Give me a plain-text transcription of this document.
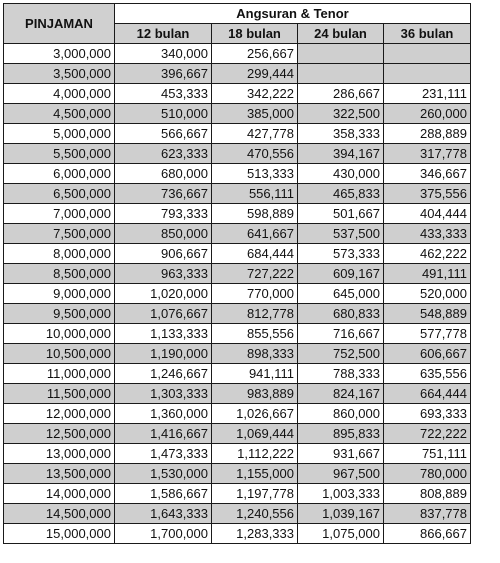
PINJAMAN	Angsuran & Tenor			
	12 bulan	18 bulan	24 bulan	36 bulan
3,000,000	340,000	256,667		
3,500,000	396,667	299,444		
4,000,000	453,333	342,222	286,667	231,111
4,500,000	510,000	385,000	322,500	260,000
5,000,000	566,667	427,778	358,333	288,889
5,500,000	623,333	470,556	394,167	317,778
6,000,000	680,000	513,333	430,000	346,667
6,500,000	736,667	556,111	465,833	375,556
7,000,000	793,333	598,889	501,667	404,444
7,500,000	850,000	641,667	537,500	433,333
8,000,000	906,667	684,444	573,333	462,222
8,500,000	963,333	727,222	609,167	491,111
9,000,000	1,020,000	770,000	645,000	520,000
9,500,000	1,076,667	812,778	680,833	548,889
10,000,000	1,133,333	855,556	716,667	577,778
10,500,000	1,190,000	898,333	752,500	606,667
11,000,000	1,246,667	941,111	788,333	635,556
11,500,000	1,303,333	983,889	824,167	664,444
12,000,000	1,360,000	1,026,667	860,000	693,333
12,500,000	1,416,667	1,069,444	895,833	722,222
13,000,000	1,473,333	1,112,222	931,667	751,111
13,500,000	1,530,000	1,155,000	967,500	780,000
14,000,000	1,586,667	1,197,778	1,003,333	808,889
14,500,000	1,643,333	1,240,556	1,039,167	837,778
15,000,000	1,700,000	1,283,333	1,075,000	866,667
